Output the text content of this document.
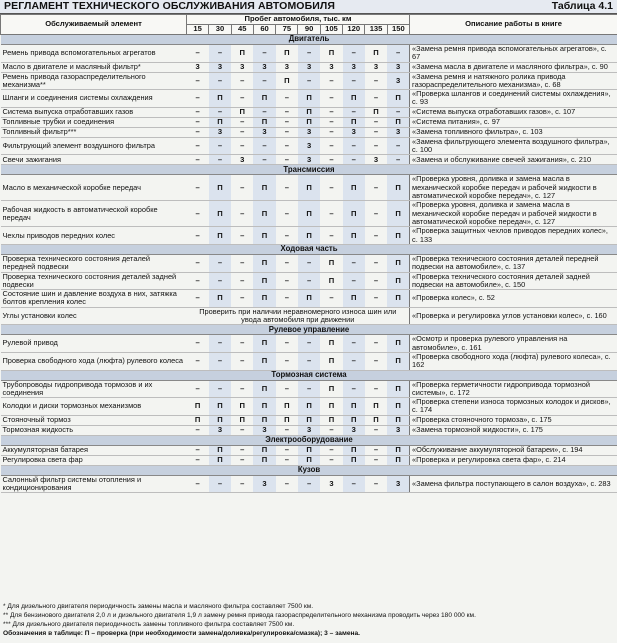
РЕГЛАМЕНТ ТЕХНИЧЕСКОГО ОБСЛУЖИВАНИЯ АВТОМОБИЛЯ	Таблица 4.1
Обслуживаемый элемент	Пробег автомобиля, тыс. км										Описание работы в книге
	15	30	45	60	75	90	105	120	135	150	
Двигатель											
Ремень привода вспомогательных агрегатов	–	–	П	–	П	–	П	–	П	–	«Замена ремня привода вспомогательных агрегатов», с. 67
Масло в двигателе и масляный фильтр*	3	3	3	3	3	3	3	3	3	3	«Замена масла в двигателе и масляного фильтра», с. 90
Ремень привода газораспределительного механизма**	–	–	–	–	П	–	–	–	–	3	«Замена ремня и натяжного ролика привода газораспределительного механизма», с. 68
Шланги и соединения системы охлаждения	–	П	–	П	–	П	–	П	–	П	«Проверка шлангов и соединений системы охлаждения», с. 93
Система выпуска отработавших газов	–	–	П	–	–	П	–	–	П	–	«Система выпуска отработавших газов», с. 107
Топливные трубки и соединения	–	П	–	П	–	П	–	П	–	П	«Система питания», с. 97
Топливный фильтр***	–	3	–	3	–	3	–	3	–	3	«Замена топливного фильтра», с. 103
Фильтрующий элемент воздушного фильтра	–	–	–	–	–	3	–	–	–	–	«Замена фильтрующего элемента воздушного фильтра», с. 100
Свечи зажигания	–	–	3	–	–	3	–	–	3	–	«Замена и обслуживание свечей зажигания», с. 210
Трансмиссия											
Масло в механической коробке передач	–	П	–	П	–	П	–	П	–	П	«Проверка уровня, доливка и замена масла в механической коробке передач и рабочей жидкости в автоматической коробке передач», с. 127
Рабочая жидкость в автоматической коробке передач	–	П	–	П	–	П	–	П	–	П	«Проверка уровня, доливка и замена масла в механической коробке передач и рабочей жидкости в автоматической коробке передач», с. 127
Чехлы приводов передних колес	–	П	–	П	–	П	–	П	–	П	«Проверка защитных чехлов приводов передних колес», с. 133
Ходовая часть											
Проверка технического состояния деталей передней подвески	–	–	–	П	–	–	П	–	–	П	«Проверка технического состояния деталей передней подвески на автомобиле», с. 137
Проверка технического состояния деталей задней подвески	–	–	–	П	–	–	П	–	–	П	«Проверка технического состояния деталей задней подвески на автомобиле», с. 150
Состояние шин и давление воздуха в них, затяжка болтов крепления колес	–	П	–	П	–	П	–	П	–	П	«Проверка колес», с. 52
Углы установки колес	Проверить при наличии неравномерного износа шин или увода автомобиля при движении										«Проверка и регулировка углов установки колес», с. 160
Рулевое управление											
Рулевой привод	–	–	–	П	–	–	П	–	–	П	«Осмотр и проверка рулевого управления на автомобиле», с. 161
Проверка свободного хода (люфта) рулевого колеса	–	–	–	П	–	–	П	–	–	П	«Проверка свободного хода (люфта) рулевого колеса», с. 162
Тормозная система											
Трубопроводы гидропривода тормозов и их соединения	–	–	–	П	–	–	П	–	–	П	«Проверка герметичности гидропривода тормозной системы», с. 172
Колодки и диски тормозных механизмов	П	П	П	П	П	П	П	П	П	П	«Проверка степени износа тормозных колодок и дисков», с. 174
Стояночный тормоз	П	П	П	П	П	П	П	П	П	П	«Проверка стояночного тормоза», с. 175
Тормозная жидкость	–	3	–	3	–	3	–	3	–	3	«Замена тормозной жидкости», с. 175
Электрооборудование											
Аккумуляторная батарея	–	П	–	П	–	П	–	П	–	П	«Обслуживание аккумуляторной батареи», с. 194
Регулировка света фар	–	П	–	П	–	П	–	П	–	П	«Проверка и регулировка света фар», с. 214
Кузов											
Салонный фильтр системы отопления и кондиционирования	–	–	–	3	–	–	3	–	–	3	«Замена фильтра поступающего в салон воздуха», с. 283
* Для дизельного двигателя периодичность замены масла и масляного фильтра составляет 7500 км.
** Для бензинового двигателя 2,0 л и дизельного двигателя 1,9 л замену ремня привода газораспределительного механизма проводить через 180 000 км.
*** Для дизельного двигателя периодичность замены топливного фильтра составляет 7500 км.
Обозначения в таблице: П – проверка (при необходимости замена/доливка/регулировка/смазка); 3 – замена.
